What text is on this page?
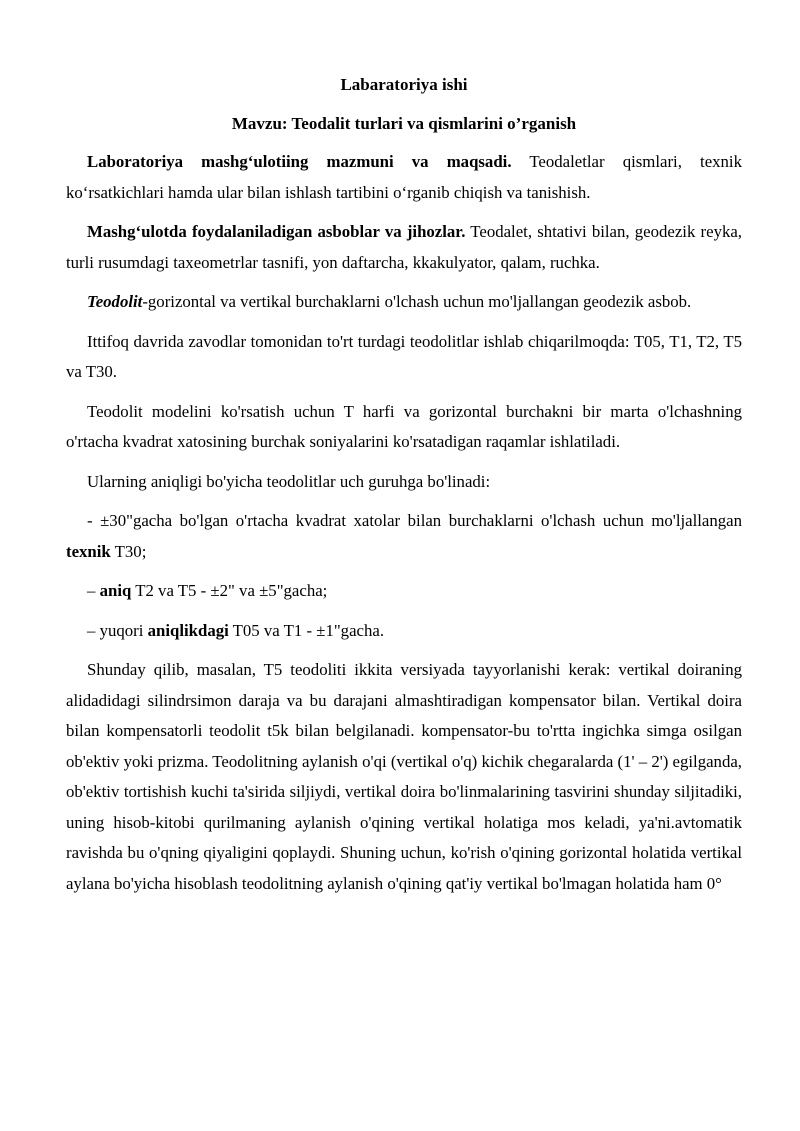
Labaratoriya ishi
Mavzu: Teodalit turlari va qismlarini o’rganish

Laboratoriya mashg‘ulotiing mazmuni va maqsadi. Teodaletlar qismlari, texnik ko‘rsatkichlari hamda ular bilan ishlash tartibini o‘rganib chiqish va tanishish.

Mashg‘ulotda foydalaniladigan asboblar va jihozlar. Teodalet, shtativi bilan, geodezik reyka, turli rusumdagi taxeometrlar tasnifi, yon daftarcha, kkakulyator, qalam, ruchka.

Teodolit-gorizontal va vertikal burchaklarni o'lchash uchun mo'ljallangan geodezik asbob.

Ittifoq davrida zavodlar tomonidan to'rt turdagi teodolitlar ishlab chiqarilmoqda: T05, T1, T2, T5 va T30.

Teodolit modelini ko'rsatish uchun T harfi va gorizontal burchakni bir marta o'lchashning o'rtacha kvadrat xatosining burchak soniyalarini ko'rsatadigan raqamlar ishlatiladi.

Ularning aniqligi bo'yicha teodolitlar uch guruhga bo'linadi:

- ±30"gacha bo'lgan o'rtacha kvadrat xatolar bilan burchaklarni o'lchash uchun mo'ljallangan texnik T30;

– aniq T2 va T5 - ±2" va ±5"gacha;

– yuqori aniqlikdagi T05 va T1 - ±1"gacha.

Shunday qilib, masalan, T5 teodoliti ikkita versiyada tayyorlanishi kerak: vertikal doiraning alidadidagi silindrsimon daraja va bu darajani almashtiradigan kompensator bilan. Vertikal doira bilan kompensatorli teodolit t5k bilan belgilanadi. kompensator-bu to'rtta ingichka simga osilgan ob'ektiv yoki prizma. Teodolitning aylanish o'qi (vertikal o'q) kichik chegaralarda (1' – 2') egilganda, ob'ektiv tortishish kuchi ta'sirida siljiydi, vertikal doira bo'linmalarining tasvirini shunday siljitadiki, uning hisob-kitobi qurilmaning aylanish o'qining vertikal holatiga mos keladi, ya'ni.avtomatik ravishda bu o'qning qiyaligini qoplaydi. Shuning uchun, ko'rish o'qining gorizontal holatida vertikal aylana bo'yicha hisoblash teodolitning aylanish o'qining qat'iy vertikal bo'lmagan holatida ham 0°
